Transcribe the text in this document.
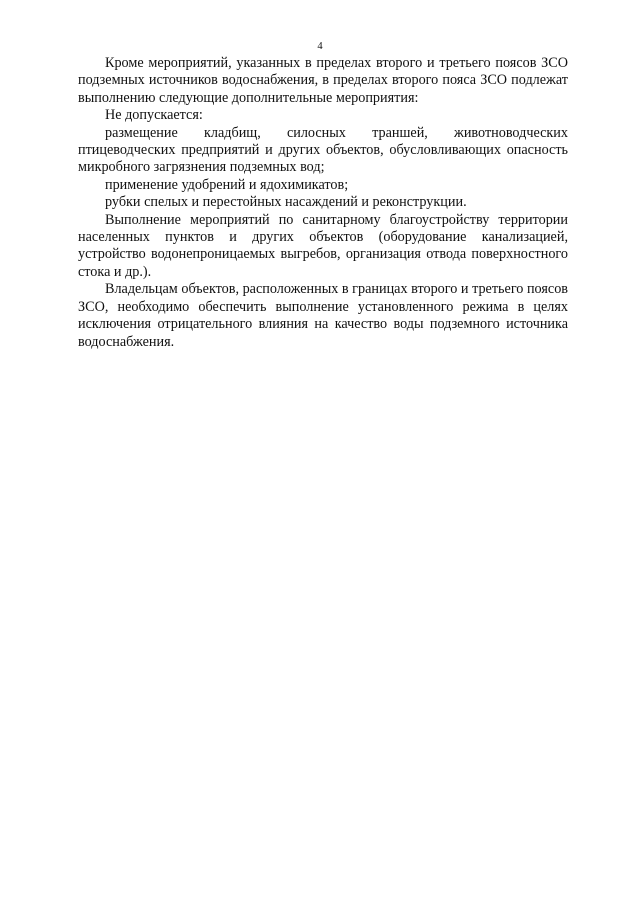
4

Кроме мероприятий, указанных в пределах второго и третьего поясов ЗСО подземных источников водоснабжения, в пределах второго пояса ЗСО подлежат выполнению следующие дополнительные мероприятия:

Не допускается:

размещение кладбищ, силосных траншей, животноводческих птицеводческих предприятий и других объектов, обусловливающих опасность микробного загрязнения подземных вод;

применение удобрений и ядохимикатов;

рубки спелых и перестойных насаждений и реконструкции.

Выполнение мероприятий по санитарному благоустройству территории населенных пунктов и других объектов (оборудование канализацией, устройство водонепроницаемых выгребов, организация отвода поверхностного стока и др.).

Владельцам объектов, расположенных в границах второго и третьего поясов ЗСО, необходимо обеспечить выполнение установленного режима в целях исключения отрицательного влияния на качество воды подземного источника водоснабжения.
